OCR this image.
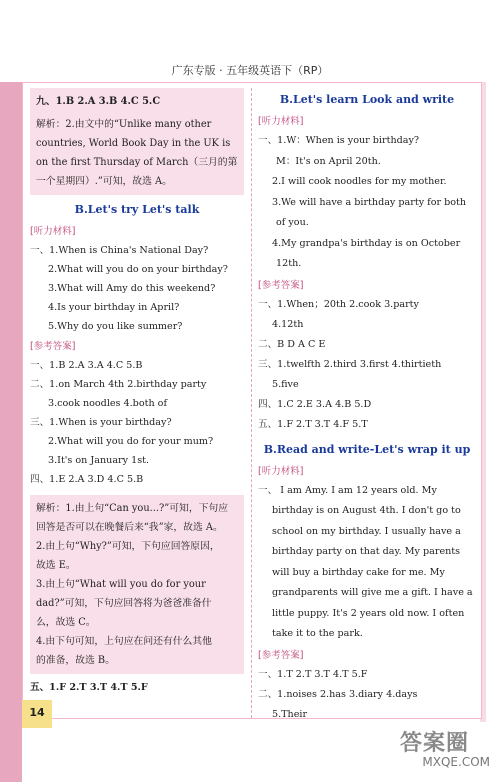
广东专版 · 五年级英语下（RP）
九、1.B 2.A 3.B 4.C 5.C
解析：2.由文中的“Unlike many other
countries, World Book Day in the UK is
on the first Thursday of March（三月的第
一个星期四）.”可知，故选 A。
B.Let's try Let's talk
[听力材料]
一、1.When is China's National Day?
2.What will you do on your birthday?
3.What will Amy do this weekend?
4.Is your birthday in April?
5.Why do you like summer?
[参考答案]
一、1.B 2.A 3.A 4.C 5.B
二、1.on March 4th 2.birthday party
3.cook noodles 4.both of
三、1.When is your birthday?
2.What will you do for your mum?
3.It's on January 1st.
四、1.E 2.A 3.D 4.C 5.B
解析：1.由上句“Can you...?”可知，下句应
回答是否可以在晚餐后来“我”家，故选 A。
2.由上句“Why?”可知，下句应回答原因，
故选 E。
3.由上句“What will you do for your
dad?”可知，下句应回答将为爸爸准备什
么，故选 C。
4.由下句可知，上句应在问还有什么其他
的准备，故选 B。
五、1.F 2.T 3.T 4.T 5.F
B.Let's learn Look and write
[听力材料]
一、1.W：When is your birthday?
M：It's on April 20th.
2.I will cook noodles for my mother.
3.We will have a birthday party for both
of you.
4.My grandpa's birthday is on October
12th.
[参考答案]
一、1.When；20th 2.cook 3.party
4.12th
二、B D A C E
三、1.twelfth 2.third 3.first 4.thirtieth
5.five
四、1.C 2.E 3.A 4.B 5.D
五、1.F 2.T 3.T 4.F 5.T
B.Read and write-Let's wrap it up
[听力材料]
一、 I am Amy. I am 12 years old. My
birthday is on August 4th. I don't go to
school on my birthday. I usually have a
birthday party on that day. My parents
will buy a birthday cake for me. My
grandparents will give me a gift. I have a
little puppy. It's 2 years old now. I often
take it to the park.
[参考答案]
一、1.T 2.T 3.T 4.T 5.F
二、1.noises 2.has 3.diary 4.days
5.Their
14
答案圈
MXQE.COM
